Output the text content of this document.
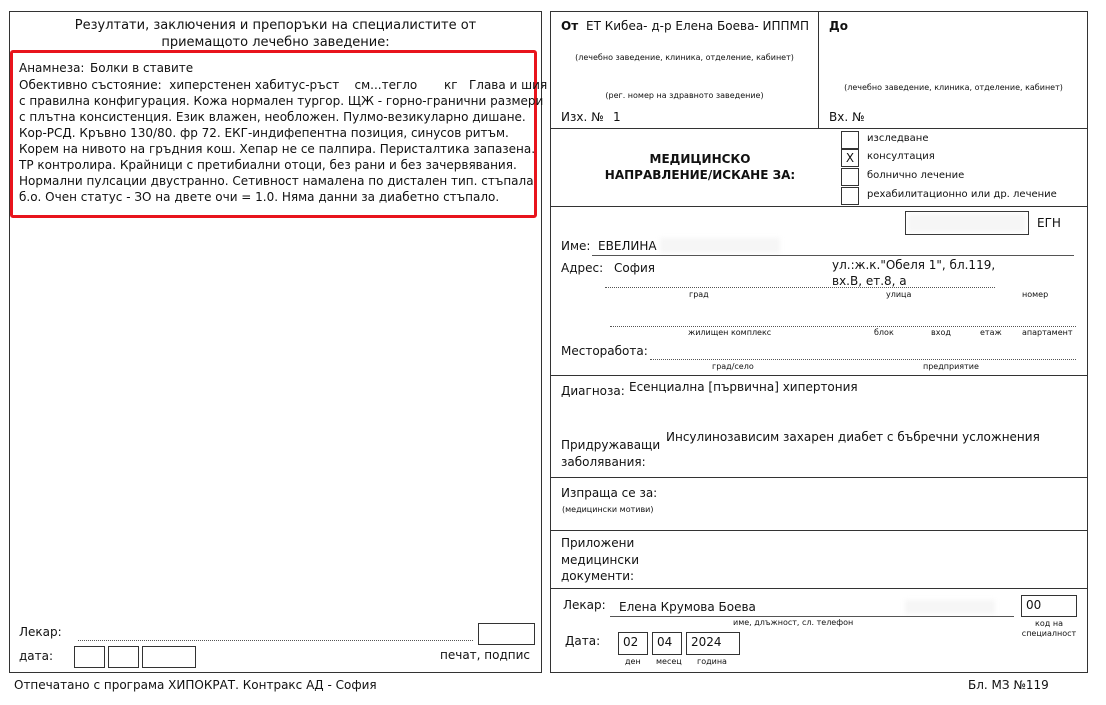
Резултати, заключения и препоръки на специалистите от
приемащото лечебно заведение:
Анамнеза: Болки в ставите
Обективно състояние:  хиперстенен хабитус-ръст    см...тегло       кг   Глава и шия
с правилна конфигурация. Кожа нормален тургор. ЩЖ - горно-гранични размери
с плътна консистенция. Език влажен, необложен. Пулмо-везикуларно дишане.
Кор-РСД. Кръвно 130/80. фр 72. ЕКГ-индифепентна позиция, синусов ритъм.
Корем на нивото на гръдния кош. Хепар не се палпира. Перисталтика запазена.
ТР контролира. Крайници с претибиални отоци, без рани и без зачервявания.
Нормални пулсации двустранно. Сетивност намалена по дистален тип. стъпала
б.о. Очен статус - ЗО на двете очи = 1.0. Няма данни за диабетно стъпало.
Лекар:
дата:	печат, подпис
От ЕТ Кибеа- д-р Елена Боева- ИППМП
(лечебно заведение, клиника, отделение, кабинет)
(рег. номер на здравното заведение)
Изх. № 1
До
(лечебно заведение, клиника, отделение, кабинет)
Вх. №
МЕДИЦИНСКО
НАПРАВЛЕНИЕ/ИСКАНЕ ЗА:
изследване
X	консултация
болнично лечение
рехабилитационно или др. лечение
ЕГН
Име: ЕВЕЛИНА
Адрес: София	ул.:ж.к."Обеля 1", бл.119,
вх.В, ет.8, а
град	улица	номер
жилищен комплекс	блок	вход	етаж	апартамент
Месторабота:
град/село	предприятие
Диагноза: Есенциална [първична] хипертония
Придружаващи
заболявания:
Инсулинозависим захарен диабет с бъбречни усложнения
Изпраща се за:
(медицински мотиви)
Приложени
медицински
документи:
Лекар: Елена Крумова Боева
име, длъжност, сл. телефон
00
код на
специалност
Дата:	02	04	2024
ден месец година
Отпечатано с програма ХИПОКРАТ. Контракс АД - София	Бл. МЗ №119
